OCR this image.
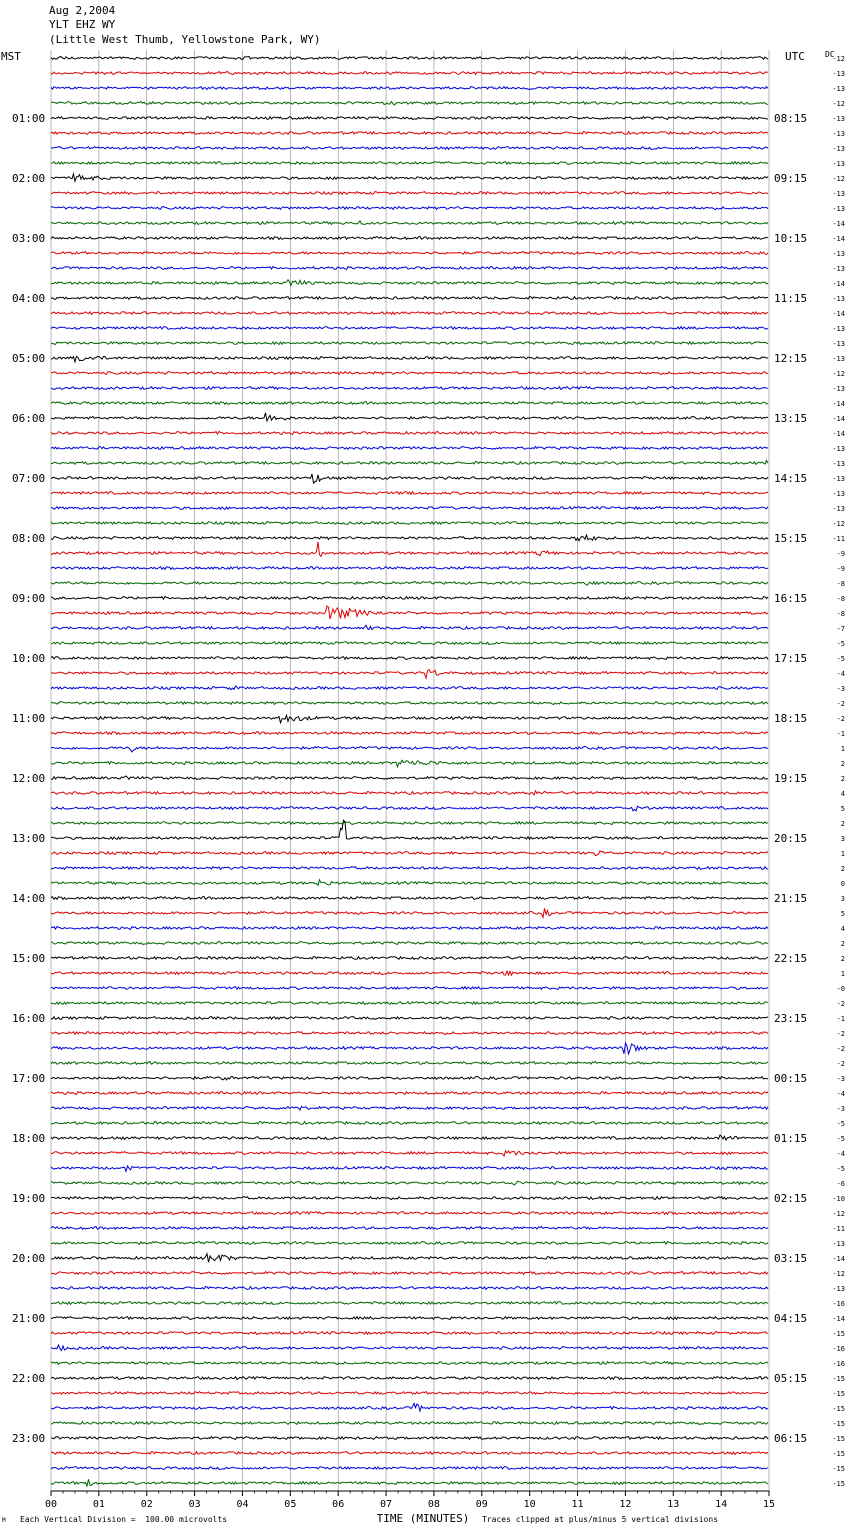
Aug 2,2004
YLT EHZ WY
(Little West Thumb, Yellowstone Park, WY)
MST	UTC	DC
00	01	02	03	04	05	06	07	08	09	10	11	12	13	14	15
-12
-13
-13
-12
-13
-13
-13
-13
-12
-13
-13
-14
-14
-13
-13
-14
-13
-14
-13
-13
-13
-12
-13
-14
-14
-14
-13
-13
-13
-13
-13
-12
-11
-9
-9
-8
-8
-8
-7
-5
-5
-4
-3
-2
-2
-1
1
2
2
4
5
2
3
1
2
0
3
5
4
2
2
1
-0
-2
-1
-2
-2
-2
-3
-4
-3
-5
-5
-4
-5
-6
-10
-12
-11
-13
-14
-12
-13
-16
-14
-15
-16
-16
-15
-15
-15
-15
-15
-15
-15
-15
01:00
02:00
03:00
04:00
05:00
06:00
07:00
08:00
09:00
10:00
11:00
12:00
13:00
14:00
15:00
16:00
17:00
18:00
19:00
20:00
21:00
22:00
23:00
08:15
09:15
10:15
11:15
12:15
13:15
14:15
15:15
16:15
17:15
18:15
19:15
20:15
21:15
22:15
23:15
00:15
01:15
02:15
03:15
04:15
05:15
06:15
TIME (MINUTES)
Each Vertical Division =  100.00 microvolts	Traces clipped at plus/minus 5 vertical divisions
M
